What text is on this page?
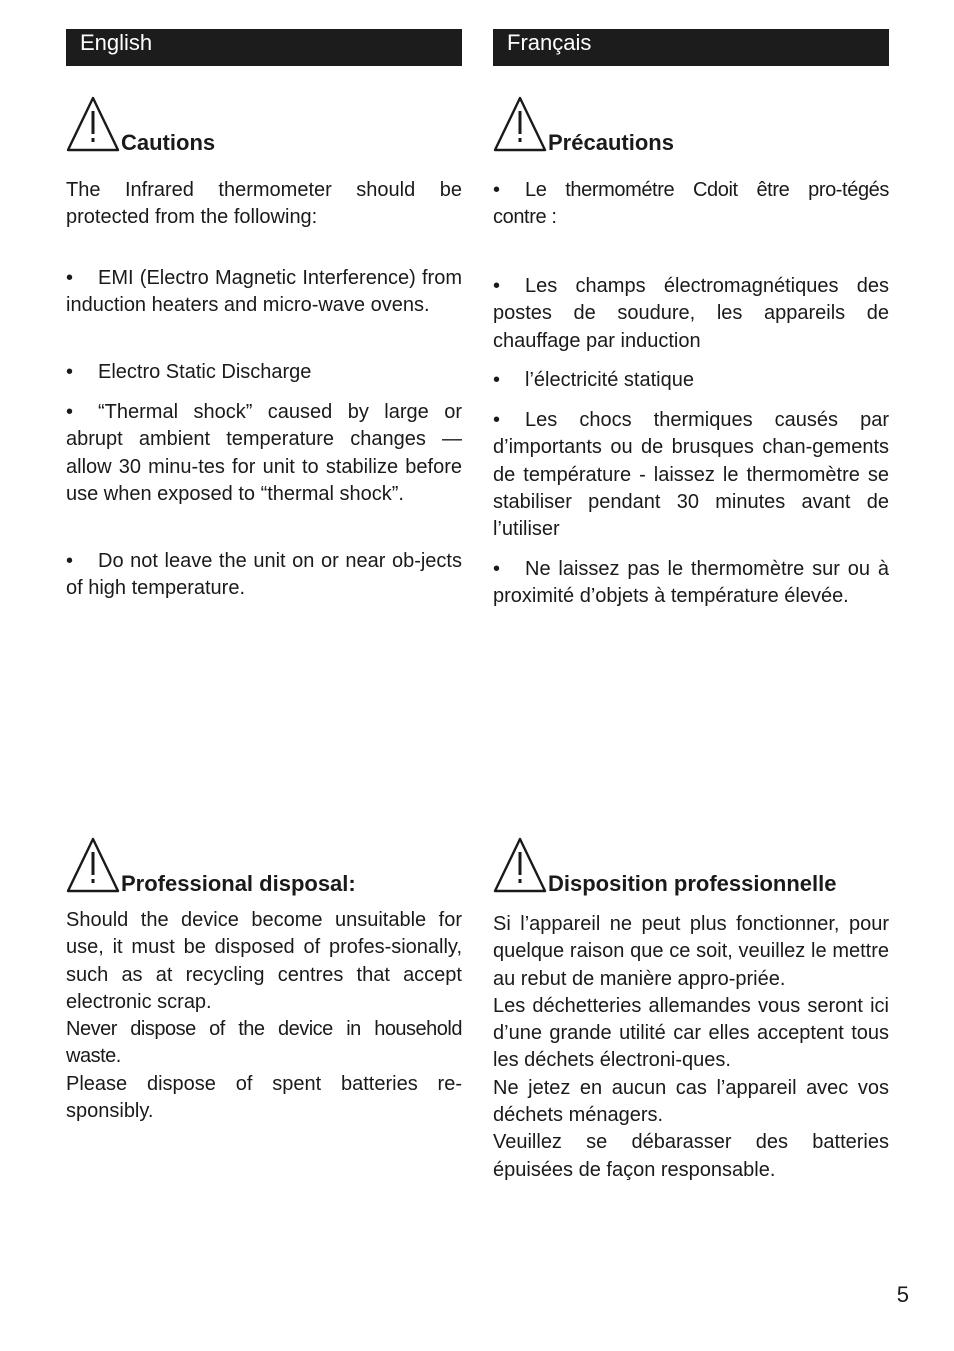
English
Cautions

The Infrared thermometer should be protected from the following:

• EMI (Electro Magnetic Interference) from induction heaters and micro-wave ovens.

• Electro Static Discharge

• “Thermal shock” caused by large or abrupt ambient temperature changes — allow 30 minu-tes for unit to stabilize before use when exposed to “thermal shock”.

• Do not leave the unit on or near ob-jects of high temperature.

Professional disposal:

Should the device become unsuitable for use, it must be disposed of profes-sionally, such as at recycling centres that accept electronic scrap.

Never dispose of the device in household waste.

Please dispose of spent batteries re-sponsibly.

Français
Précautions

• Le thermométre Cdoit être pro-tégés contre :

• Les champs électromagnétiques des postes de soudure, les appareils de chauffage par induction

• l’électricité statique

• Les chocs thermiques causés par d’importants ou de brusques chan-gements de température - laissez le thermomètre se stabiliser pendant 30 minutes avant de l’utiliser

• Ne laissez pas le thermomètre sur ou à proximité d’objets à température élevée.

Disposition professionnelle

Si l’appareil ne peut plus fonctionner, pour quelque raison que ce soit, veuillez le mettre au rebut de manière appro-priée.

Les déchetteries allemandes vous seront ici d’une grande utilité car elles acceptent tous les déchets électroni-ques.

Ne jetez en aucun cas l’appareil avec vos déchets ménagers.

Veuillez se débarasser des batteries épuisées de façon responsable.

5
